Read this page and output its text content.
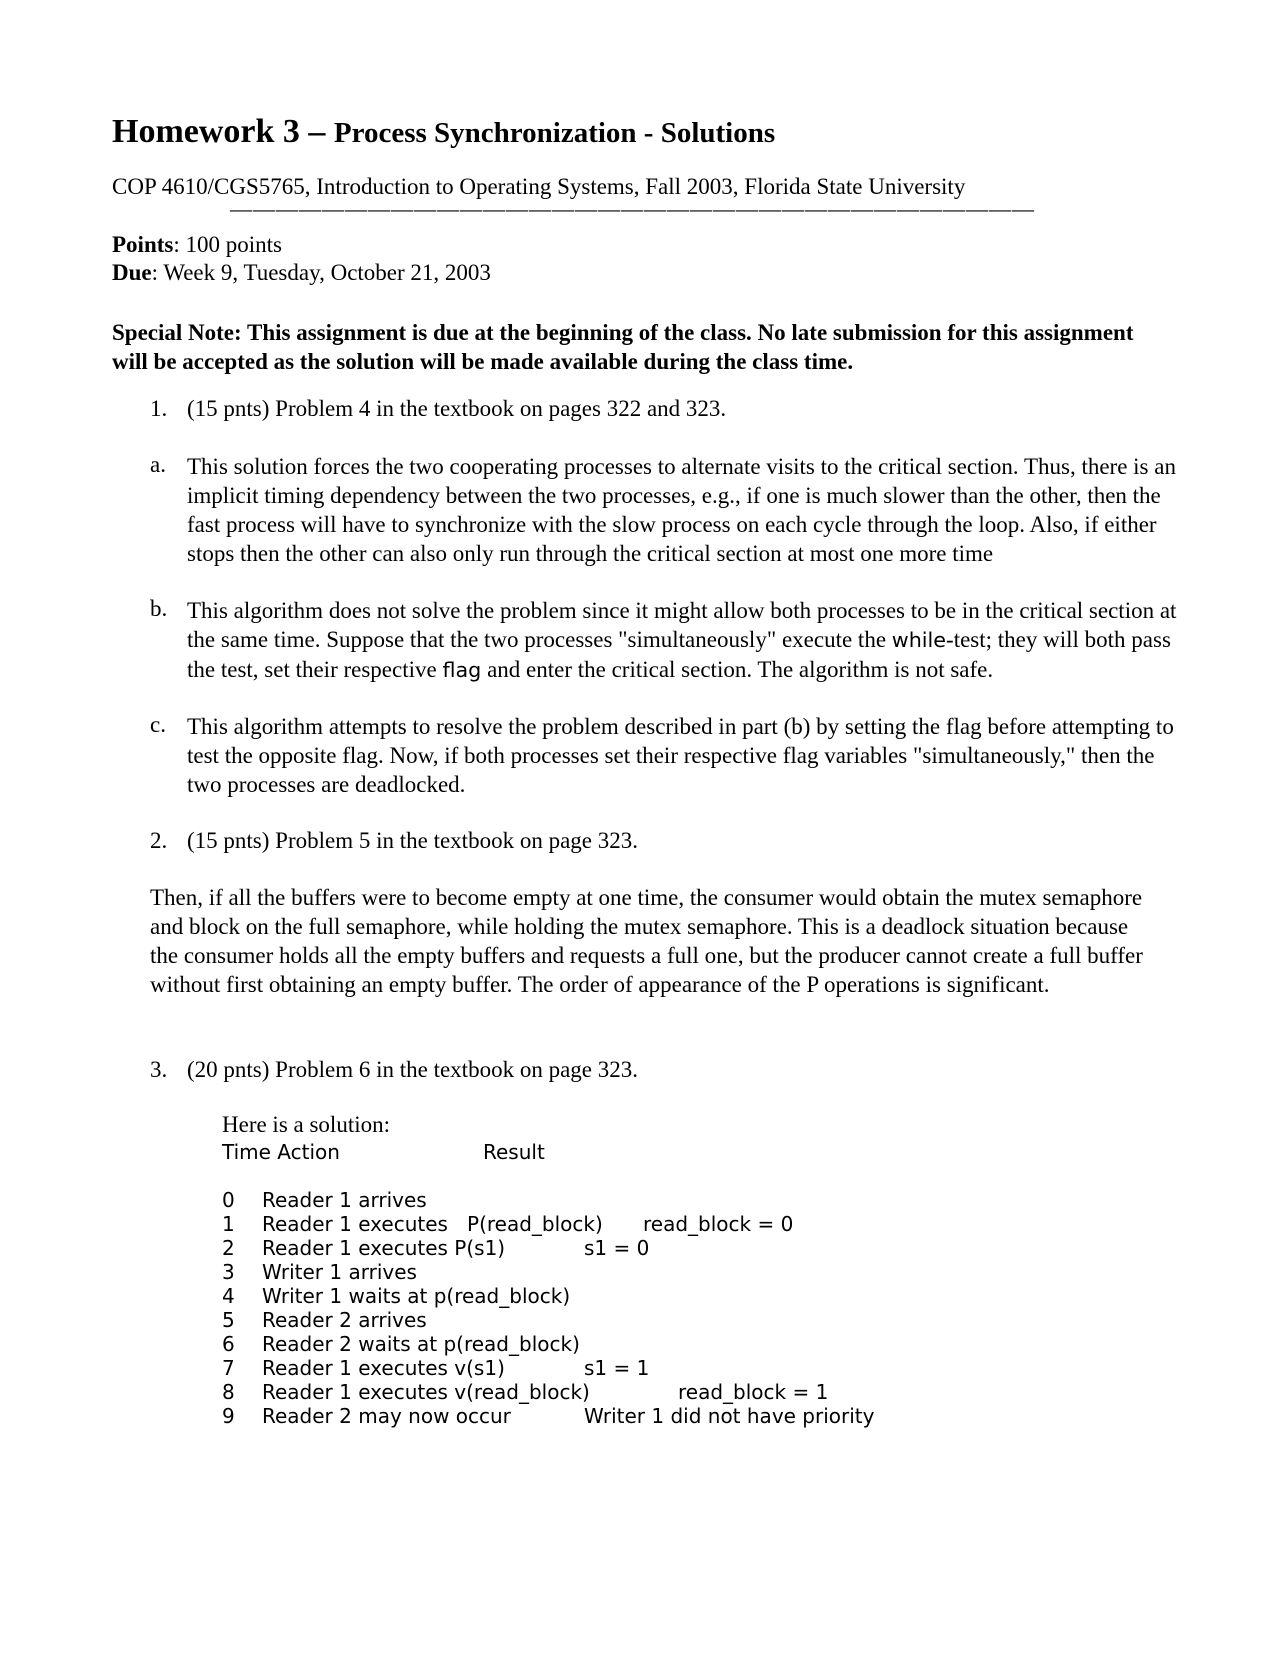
Homework 3 – Process Synchronization - Solutions
COP 4610/CGS5765, Introduction to Operating Systems, Fall 2003, Florida State University
———————————————————————————————————
Points: 100 points
Due: Week 9, Tuesday, October 21, 2003
Special Note: This assignment is due at the beginning of the class. No late submission for this assignment will be accepted as the solution will be made available during the class time.
1. (15 pnts) Problem 4 in the textbook on pages 322 and 323.
a. This solution forces the two cooperating processes to alternate visits to the critical section. Thus, there is an implicit timing dependency between the two processes, e.g., if one is much slower than the other, then the fast process will have to synchronize with the slow process on each cycle through the loop. Also, if either stops then the other can also only run through the critical section at most one more time
b. This algorithm does not solve the problem since it might allow both processes to be in the critical section at the same time. Suppose that the two processes "simultaneously" execute the while-test; they will both pass the test, set their respective flag and enter the critical section. The algorithm is not safe.
c. This algorithm attempts to resolve the problem described in part (b) by setting the flag before attempting to test the opposite flag. Now, if both processes set their respective flag variables "simultaneously," then the two processes are deadlocked.
2. (15 pnts) Problem 5 in the textbook on page 323.
Then, if all the buffers were to become empty at one time, the consumer would obtain the mutex semaphore and block on the full semaphore, while holding the mutex semaphore. This is a deadlock situation because the consumer holds all the empty buffers and requests a full one, but the producer cannot create a full buffer without first obtaining an empty buffer. The order of appearance of the P operations is significant.
3. (20 pnts) Problem 6 in the textbook on page 323.
Here is a solution:
Time Action	Result
0 Reader 1 arrives
1 Reader 1 executes   P(read_block) read_block = 0
2 Reader 1 executes P(s1)	s1 = 0
3 Writer 1 arrives
4 Writer 1 waits at p(read_block)
5 Reader 2 arrives
6 Reader 2 waits at p(read_block)
7 Reader 1 executes v(s1)	s1 = 1
8 Reader 1 executes v(read_block)	read_block = 1
9 Reader 2 may now occur	Writer 1 did not have priority
